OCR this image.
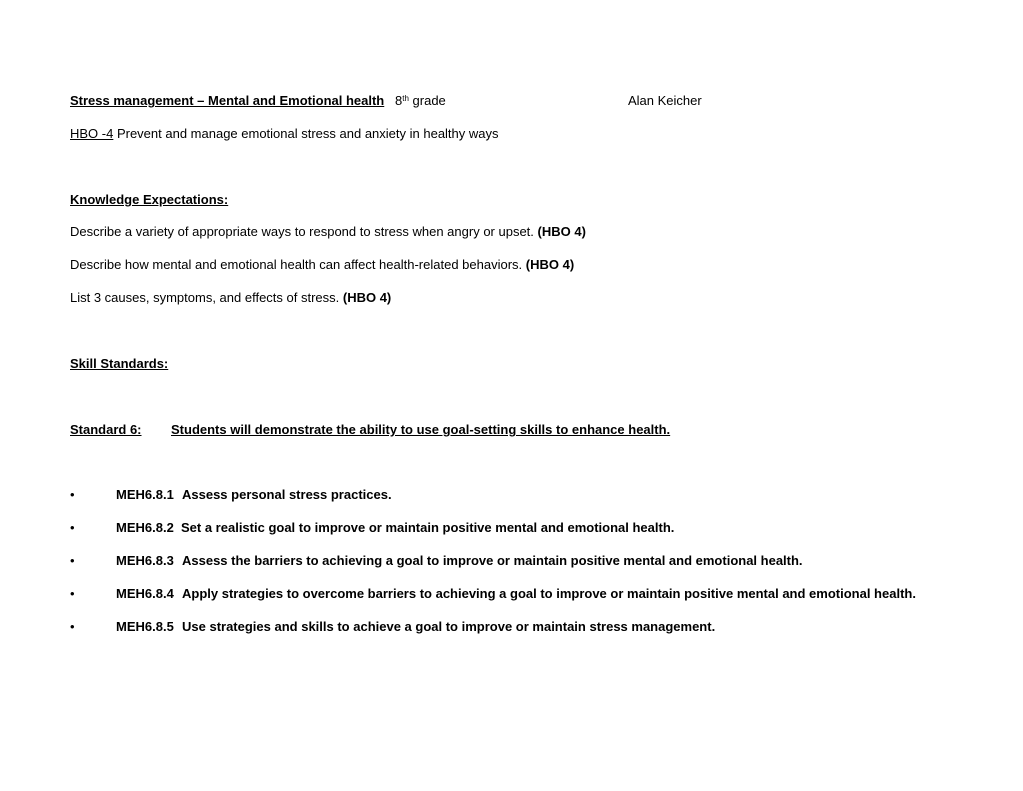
Stress management – Mental and Emotional health 8th grade	Alan Keicher
HBO -4 Prevent and manage emotional stress and anxiety in healthy ways
Knowledge Expectations:
Describe a variety of appropriate ways to respond to stress when angry or upset. (HBO 4)
Describe how mental and emotional health can affect health-related behaviors. (HBO 4)
List 3 causes, symptoms, and effects of stress. (HBO 4)
Skill Standards:
Standard 6: Students will demonstrate the ability to use goal-setting skills to enhance health.
•	MEH6.8.1 Assess personal stress practices.
•	MEH6.8.2 Set a realistic goal to improve or maintain positive mental and emotional health.
•	MEH6.8.3 Assess the barriers to achieving a goal to improve or maintain positive mental and emotional health.
•	MEH6.8.4 Apply strategies to overcome barriers to achieving a goal to improve or maintain positive mental and emotional health.
•	MEH6.8.5 Use strategies and skills to achieve a goal to improve or maintain stress management.
